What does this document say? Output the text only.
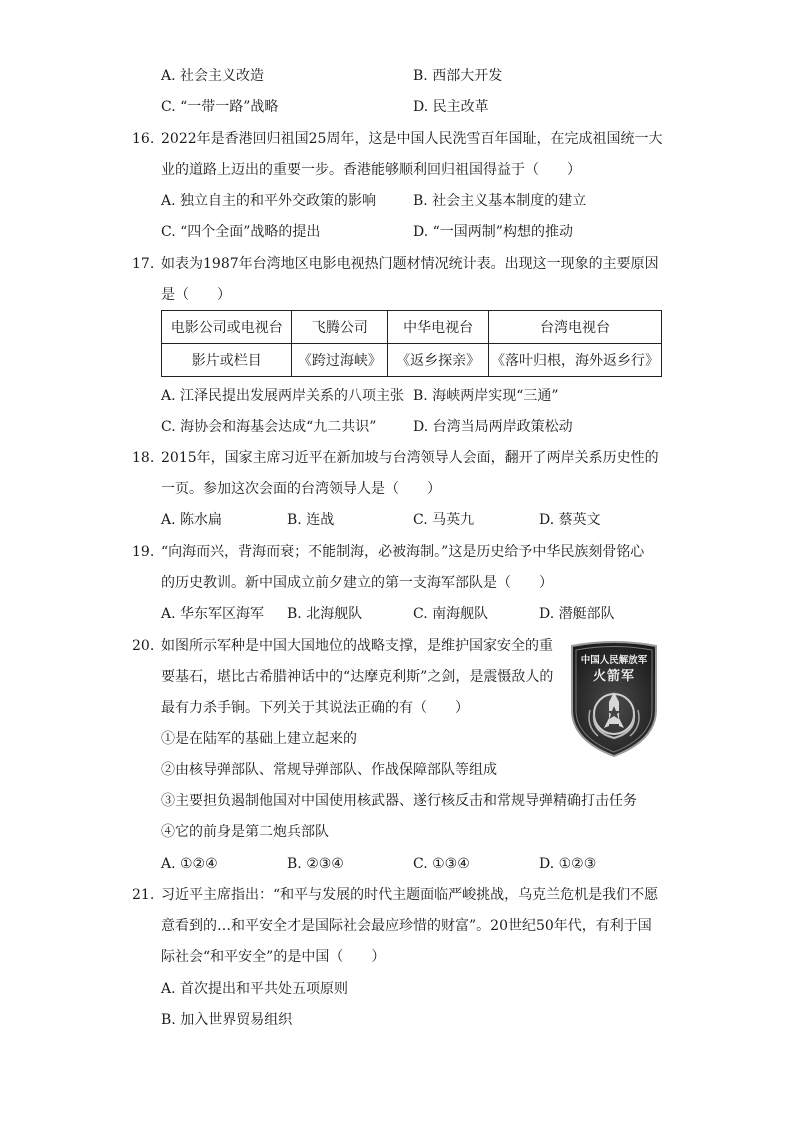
A. 社会主义改造	B. 西部大开发
C. “一带一路”战略	D. 民主改革
16. 2022年是香港回归祖国25周年，这是中国人民洗雪百年国耻，在完成祖国统一大
业的道路上迈出的重要一步。香港能够顺利回归祖国得益于（　　）
A. 独立自主的和平外交政策的影响	B. 社会主义基本制度的建立
C. “四个全面”战略的提出	D. “一国两制”构想的推动
17. 如表为1987年台湾地区电影电视热门题材情况统计表。出现这一现象的主要原因
是（　　）
电影公司或电视台	飞腾公司	中华电视台	台湾电视台
影片或栏目	《跨过海峡》	《返乡探亲》	《落叶归根，海外返乡行》
A. 江泽民提出发展两岸关系的八项主张 B. 海峡两岸实现“三通”
C. 海协会和海基会达成“九二共识”	D. 台湾当局两岸政策松动
18. 2015年，国家主席习近平在新加坡与台湾领导人会面，翻开了两岸关系历史性的
一页。参加这次会面的台湾领导人是（　　）
A. 陈水扁	B. 连战	C. 马英九	D. 蔡英文
19. “向海而兴，背海而衰；不能制海，必被海制。”这是历史给予中华民族刻骨铭心
的历史教训。新中国成立前夕建立的第一支海军部队是（　　）
A. 华东军区海军 B. 北海舰队	C. 南海舰队	D. 潜艇部队
20. 如图所示军种是中国大国地位的战略支撑，是维护国家安全的重
要基石，堪比古希腊神话中的“达摩克利斯”之剑，是震慑敌人的
最有力杀手锏。下列关于其说法正确的有（　　）
①是在陆军的基础上建立起来的
②由核导弹部队、常规导弹部队、作战保障部队等组成
③主要担负遏制他国对中国使用核武器、遂行核反击和常规导弹精确打击任务
④它的前身是第二炮兵部队
A. ①②④	B. ②③④	C. ①③④	D. ①②③
中国人民解放军
火箭军
21. 习近平主席指出：“和平与发展的时代主题面临严峻挑战，乌克兰危机是我们不愿
意看到的…和平安全才是国际社会最应珍惜的财富”。20世纪50年代，有利于国
际社会“和平安全”的是中国（　　）
A. 首次提出和平共处五项原则
B. 加入世界贸易组织
